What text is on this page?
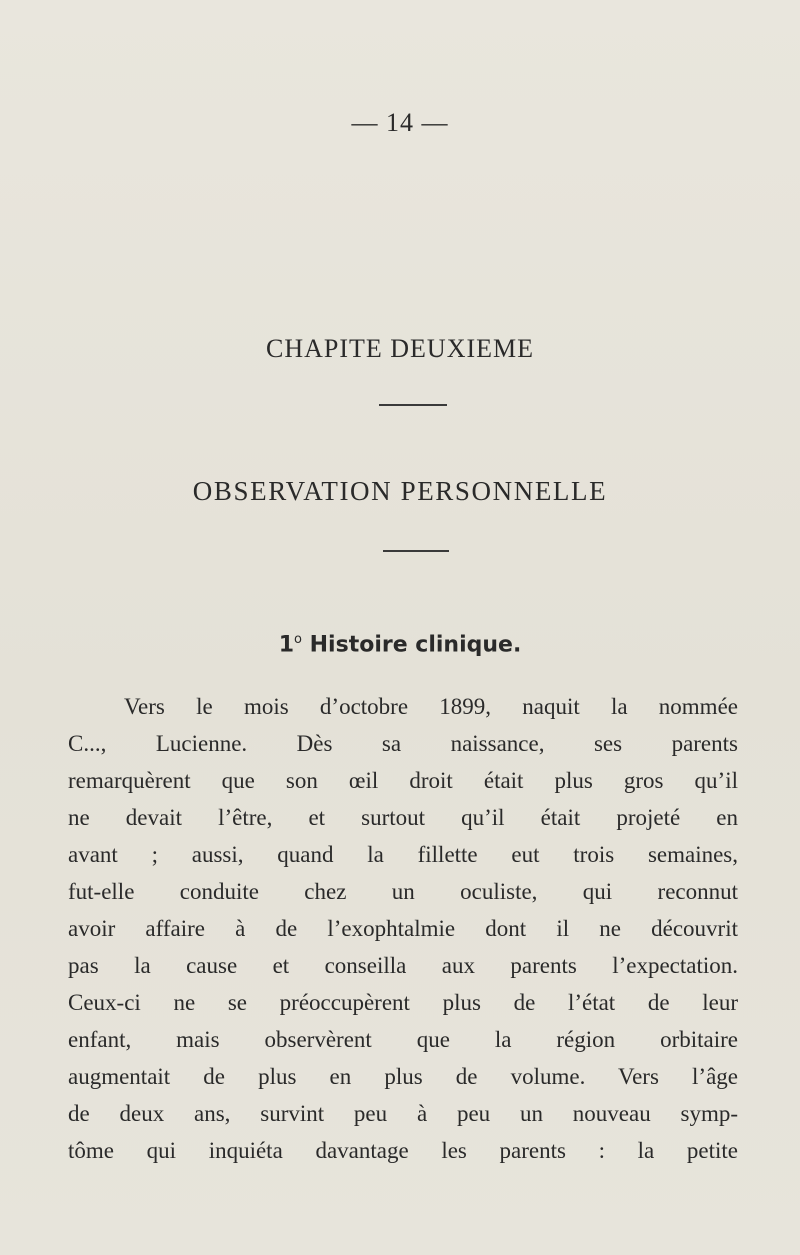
— 14 —
CHAPITE DEUXIEME
OBSERVATION PERSONNELLE
1$^o$ Histoire clinique.
Vers le mois d’octobre 1899, naquit la nommée
C..., Lucienne. Dès sa naissance, ses parents
remarquèrent que son œil droit était plus gros qu’il
ne devait l’être, et surtout qu’il était projeté en
avant ; aussi, quand la fillette eut trois semaines,
fut-elle conduite chez un oculiste, qui reconnut
avoir affaire à de l’exophtalmie dont il ne découvrit
pas la cause et conseilla aux parents l’expectation.
Ceux-ci ne se préoccupèrent plus de l’état de leur
enfant, mais observèrent que la région orbitaire
augmentait de plus en plus de volume. Vers l’âge
de deux ans, survint peu à peu un nouveau symp-
tôme qui inquiéta davantage les parents : la petite
